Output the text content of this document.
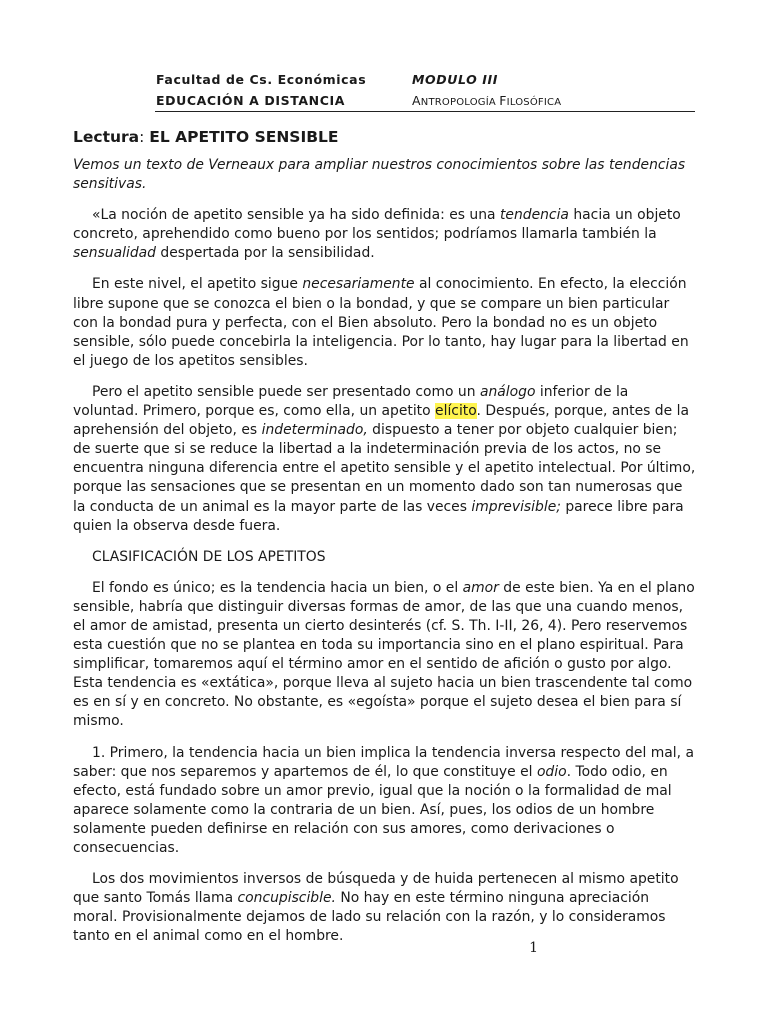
Facultad de Cs. Económicas
EDUCACIÓN A DISTANCIA
MODULO III
ANTROPOLOGÍA FILOSÓFICA
Lectura: EL APETITO SENSIBLE

Vemos un texto de Verneaux para ampliar nuestros conocimientos sobre las tendencias sensitivas.

«La noción de apetito sensible ya ha sido definida: es una tendencia hacia un objeto concreto, aprehendido como bueno por los sentidos; podríamos llamarla también la sensualidad despertada por la sensibilidad.

En este nivel, el apetito sigue necesariamente al conocimiento. En efecto, la elección libre supone que se conozca el bien o la bondad, y que se compare un bien particular con la bondad pura y perfecta, con el Bien absoluto. Pero la bondad no es un objeto sensible, sólo puede concebirla la inteligencia. Por lo tanto, hay lugar para la libertad en el juego de los apetitos sensibles.

Pero el apetito sensible puede ser presentado como un análogo inferior de la voluntad. Primero, porque es, como ella, un apetito elícito. Después, porque, antes de la aprehensión del objeto, es indeterminado, dispuesto a tener por objeto cualquier bien; de suerte que si se reduce la libertad a la indeterminación previa de los actos, no se encuentra ninguna diferencia entre el apetito sensible y el apetito intelectual. Por último, porque las sensaciones que se presentan en un momento dado son tan numerosas que la conducta de un animal es la mayor parte de las veces imprevisible; parece libre para quien la observa desde fuera.

CLASIFICACIÓN DE LOS APETITOS

El fondo es único; es la tendencia hacia un bien, o el amor de este bien. Ya en el plano sensible, habría que distinguir diversas formas de amor, de las que una cuando menos, el amor de amistad, presenta un cierto desinterés (cf. S. Th. I-II, 26, 4). Pero reservemos esta cuestión que no se plantea en toda su importancia sino en el plano espiritual. Para simplificar, tomaremos aquí el término amor en el sentido de afición o gusto por algo. Esta tendencia es «extática», porque lleva al sujeto hacia un bien trascendente tal como es en sí y en concreto. No obstante, es «egoísta» porque el sujeto desea el bien para sí mismo.

1. Primero, la tendencia hacia un bien implica la tendencia inversa respecto del mal, a saber: que nos separemos y apartemos de él, lo que constituye el odio. Todo odio, en efecto, está fundado sobre un amor previo, igual que la noción o la formalidad de mal aparece solamente como la contraria de un bien. Así, pues, los odios de un hombre solamente pueden definirse en relación con sus amores, como derivaciones o consecuencias.

Los dos movimientos inversos de búsqueda y de huida pertenecen al mismo apetito que santo Tomás llama concupiscible. No hay en este término ninguna apreciación moral. Provisionalmente dejamos de lado su relación con la razón, y lo consideramos tanto en el animal como en el hombre.

1
